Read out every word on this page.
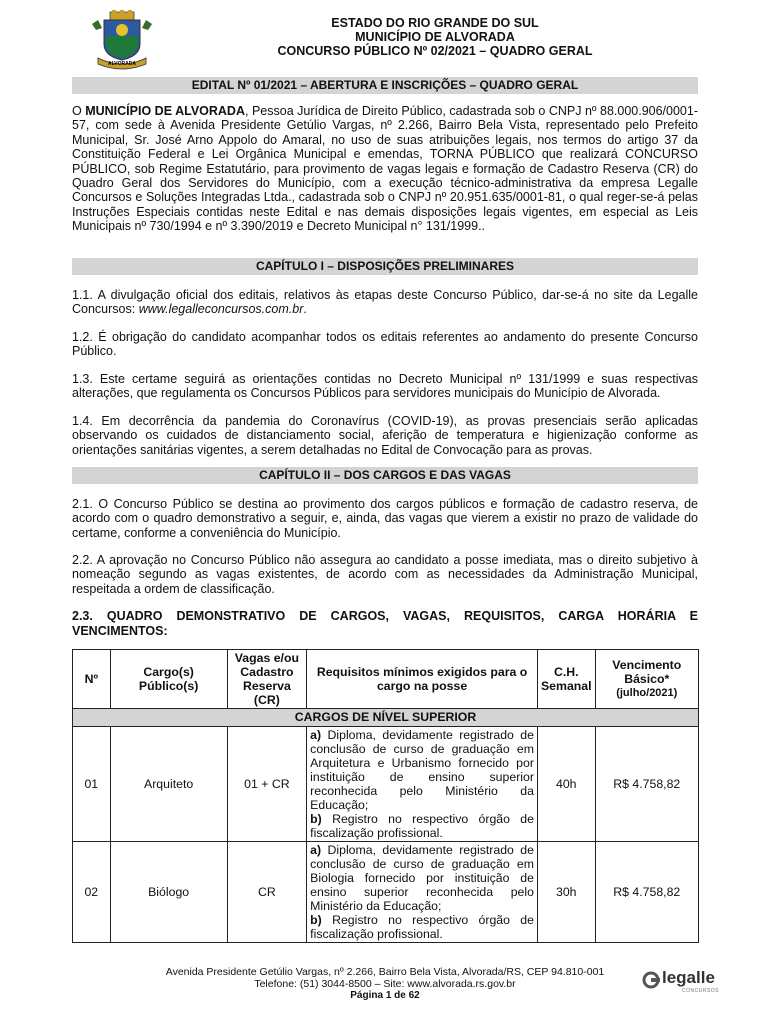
ALVORADA
ESTADO DO RIO GRANDE DO SUL
MUNICÍPIO DE ALVORADA
CONCURSO PÚBLICO Nº 02/2021 – QUADRO GERAL
EDITAL Nº 01/2021 – ABERTURA E INSCRIÇÕES – QUADRO GERAL
O MUNICÍPIO DE ALVORADA, Pessoa Jurídica de Direito Público, cadastrada sob o CNPJ nº 88.000.906/0001-57, com sede à Avenida Presidente Getúlio Vargas, nº 2.266, Bairro Bela Vista, representado pelo Prefeito Municipal, Sr. José Arno Appolo do Amaral, no uso de suas atribuições legais, nos termos do artigo 37 da Constituição Federal e Lei Orgânica Municipal e emendas, TORNA PÚBLICO que realizará CONCURSO PÚBLICO, sob Regime Estatutário, para provimento de vagas legais e formação de Cadastro Reserva (CR) do Quadro Geral dos Servidores do Município, com a execução técnico-administrativa da empresa Legalle Concursos e Soluções Integradas Ltda., cadastrada sob o CNPJ nº 20.951.635/0001-81, o qual reger-se-á pelas Instruções Especiais contidas neste Edital e nas demais disposições legais vigentes, em especial as Leis Municipais nº 730/1994 e nº 3.390/2019 e Decreto Municipal n° 131/1999..
CAPÍTULO I – DISPOSIÇÕES PRELIMINARES
1.1. A divulgação oficial dos editais, relativos às etapas deste Concurso Público, dar-se-á no site da Legalle Concursos: www.legalleconcursos.com.br.
1.2. É obrigação do candidato acompanhar todos os editais referentes ao andamento do presente Concurso Público.
1.3. Este certame seguirá as orientações contidas no Decreto Municipal nº 131/1999 e suas respectivas alterações, que regulamenta os Concursos Públicos para servidores municipais do Município de Alvorada.
1.4. Em decorrência da pandemia do Coronavírus (COVID-19), as provas presenciais serão aplicadas observando os cuidados de distanciamento social, aferição de temperatura e higienização conforme as orientações sanitárias vigentes, a serem detalhadas no Edital de Convocação para as provas.
CAPÍTULO II – DOS CARGOS E DAS VAGAS
2.1. O Concurso Público se destina ao provimento dos cargos públicos e formação de cadastro reserva, de acordo com o quadro demonstrativo a seguir, e, ainda, das vagas que vierem a existir no prazo de validade do certame, conforme a conveniência do Município.
2.2. A aprovação no Concurso Público não assegura ao candidato a posse imediata, mas o direito subjetivo à nomeação segundo as vagas existentes, de acordo com as necessidades da Administração Municipal, respeitada a ordem de classificação.
2.3. QUADRO DEMONSTRATIVO DE CARGOS, VAGAS, REQUISITOS, CARGA HORÁRIA E VENCIMENTOS:
Nº	Cargo(s) Público(s)	Vagas e/ou Cadastro Reserva (CR)	Requisitos mínimos exigidos para o cargo na posse	C.H. Semanal	Vencimento Básico*
(julho/2021)

CARGOS DE NÍVEL SUPERIOR					
01	Arquiteto	01 + CR	a) Diploma, devidamente registrado de conclusão de curso de graduação em Arquitetura e Urbanismo fornecido por instituição de ensino superior reconhecida pelo Ministério da Educação;
b) Registro no respectivo órgão de fiscalização profissional.	40h	R$ 4.758,82
02	Biólogo	CR	a) Diploma, devidamente registrado de conclusão de curso de graduação em Biologia fornecido por instituição de ensino superior reconhecida pelo Ministério da Educação;
b) Registro no respectivo órgão de fiscalização profissional.	30h	R$ 4.758,82
Avenida Presidente Getúlio Vargas, nº 2.266, Bairro Bela Vista, Alvorada/RS, CEP 94.810-001
Telefone: (51) 3044-8500 – Site: www.alvorada.rs.gov.br
Página 1 de 62
legalle
CONCURSOS
